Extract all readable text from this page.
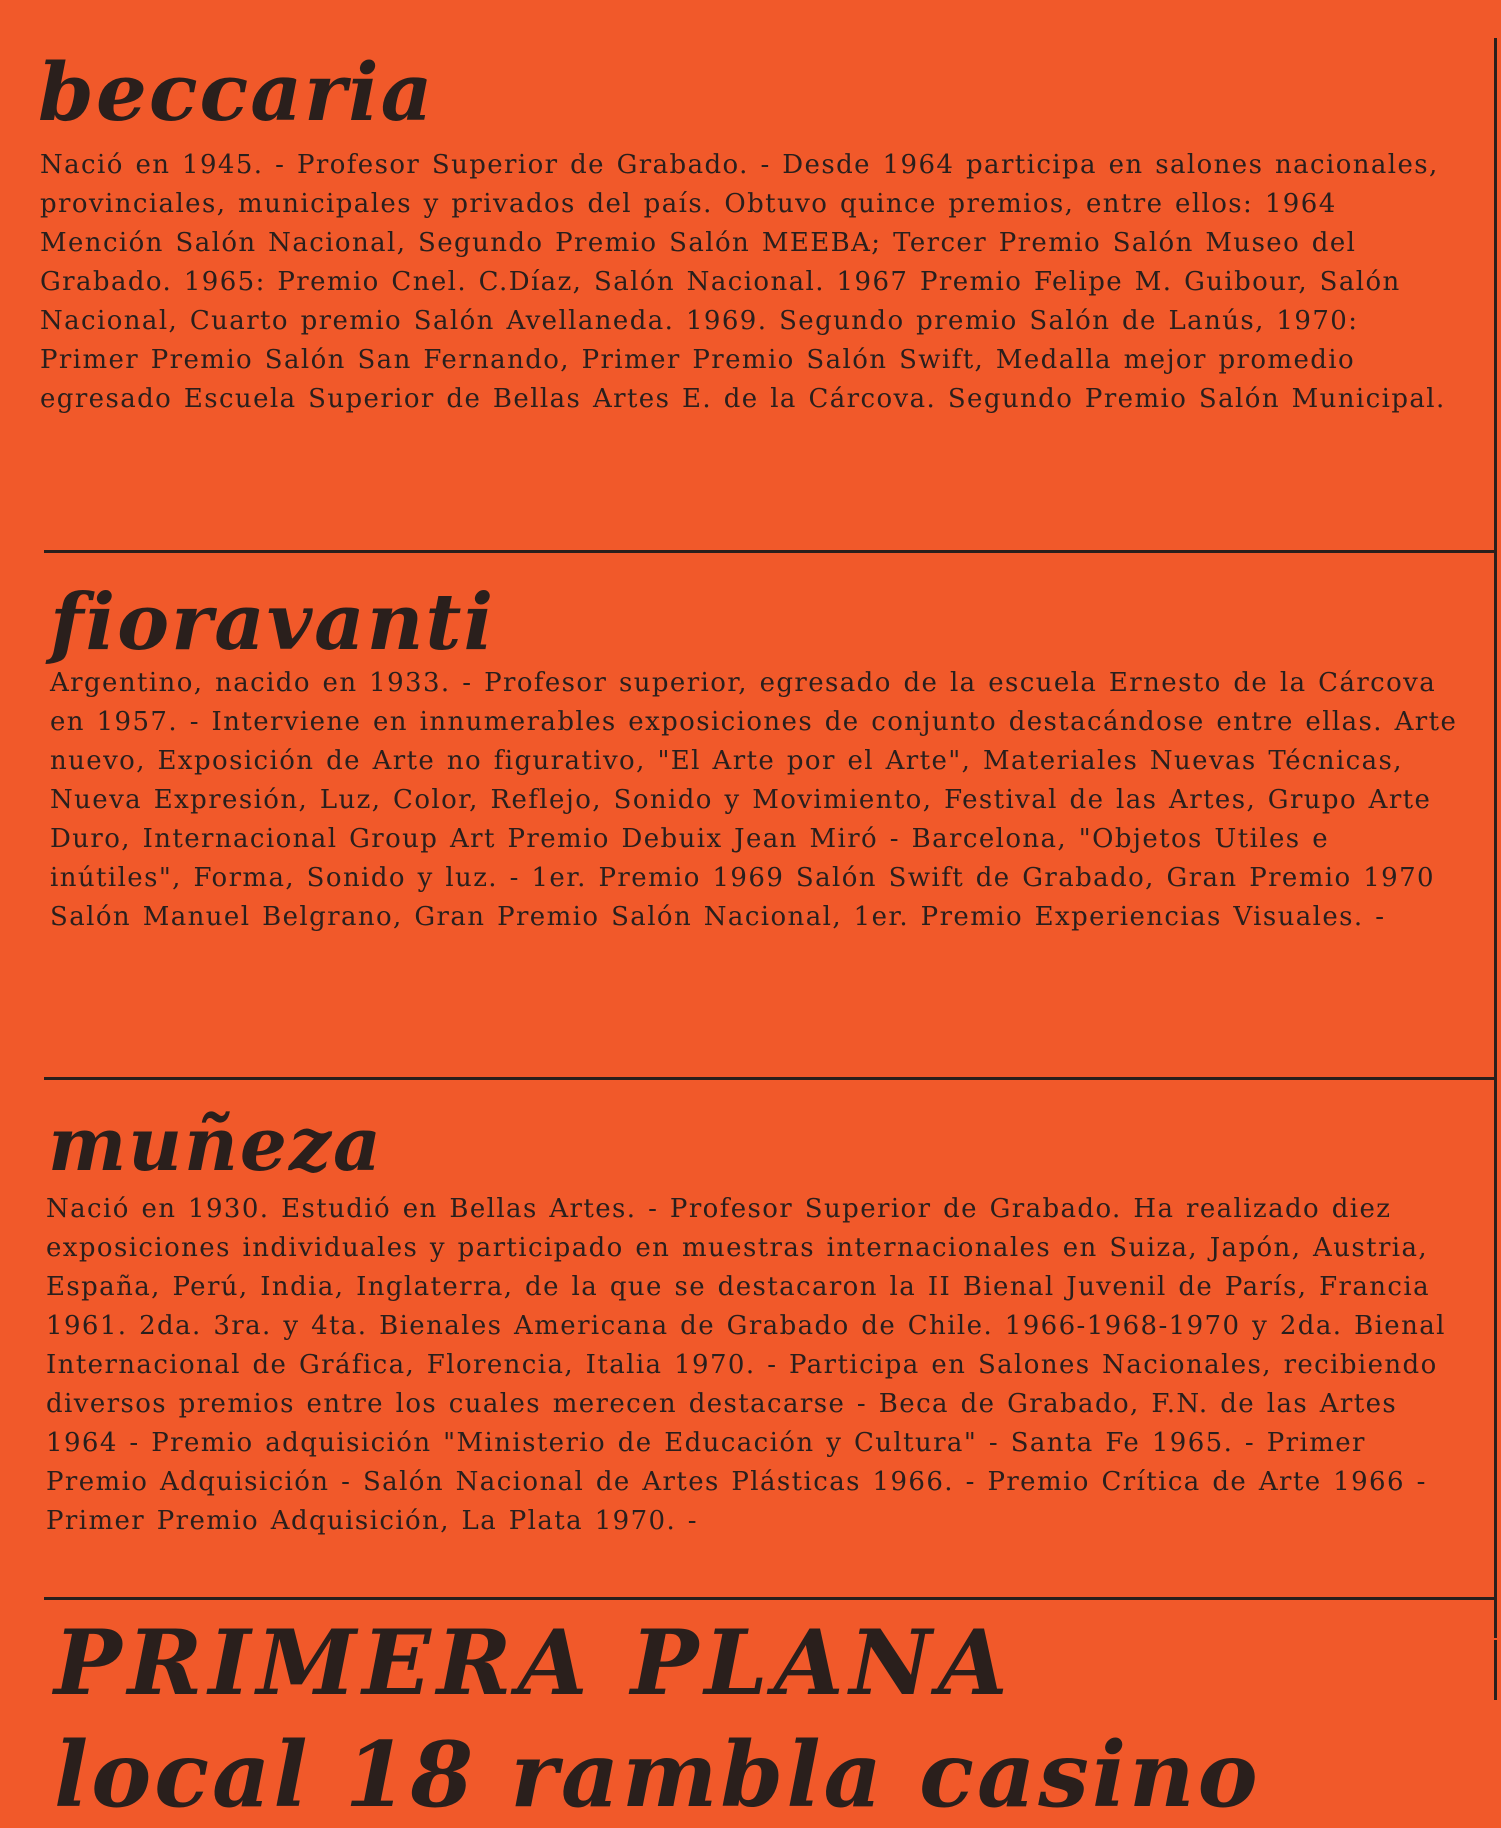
beccaria

Nació en 1945. - Profesor Superior de Grabado. - Desde 1964 participa en salones nacionales, provinciales, municipales y privados del país. Obtuvo quince premios, entre ellos: 1964 Mención Salón Nacional, Segundo Premio Salón MEEBA; Tercer Premio Salón Museo del Grabado. 1965: Premio Cnel. C.Díaz, Salón Nacional. 1967 Premio Felipe M. Guibour, Salón Nacional, Cuarto premio Salón Avellaneda. 1969. Segundo premio Salón de Lanús, 1970: Primer Premio Salón San Fernando, Primer Premio Salón Swift, Medalla mejor promedio egresado Escuela Superior de Bellas Artes E. de la Cárcova. Segundo Premio Salón Municipal.

fioravanti

Argentino, nacido en 1933. - Profesor superior, egresado de la escuela Ernesto de la Cárcova en 1957. - Interviene en innumerables exposiciones de conjunto destacándose entre ellas. Arte nuevo, Exposición de Arte no figurativo, "El Arte por el Arte", Materiales Nuevas Técnicas, Nueva Expresión, Luz, Color, Reflejo, Sonido y Movimiento, Festival de las Artes, Grupo Arte Duro, Internacional Group Art Premio Debuix Jean Miró - Barcelona, "Objetos Utiles e inútiles", Forma, Sonido y luz. - 1er. Premio 1969 Salón Swift de Grabado, Gran Premio 1970 Salón Manuel Belgrano, Gran Premio Salón Nacional, 1er. Premio Experiencias Visuales. -

muñeza

Nació en 1930. Estudió en Bellas Artes. - Profesor Superior de Grabado. Ha realizado diez exposiciones individuales y participado en muestras internacionales en Suiza, Japón, Austria, España, Perú, India, Inglaterra, de la que se destacaron la II Bienal Juvenil de París, Francia 1961. 2da. 3ra. y 4ta. Bienales Americana de Grabado de Chile. 1966-1968-1970 y 2da. Bienal Internacional de Gráfica, Florencia, Italia 1970. - Participa en Salones Nacionales, recibiendo diversos premios entre los cuales merecen destacarse - Beca de Grabado, F.N. de las Artes 1964 - Premio adquisición "Ministerio de Educación y Cultura" - Santa Fe 1965. - Primer Premio Adquisición - Salón Nacional de Artes Plásticas 1966. - Premio Crítica de Arte 1966 - Primer Premio Adquisición, La Plata 1970. -

PRIMERA PLANA
local 18 rambla casino
